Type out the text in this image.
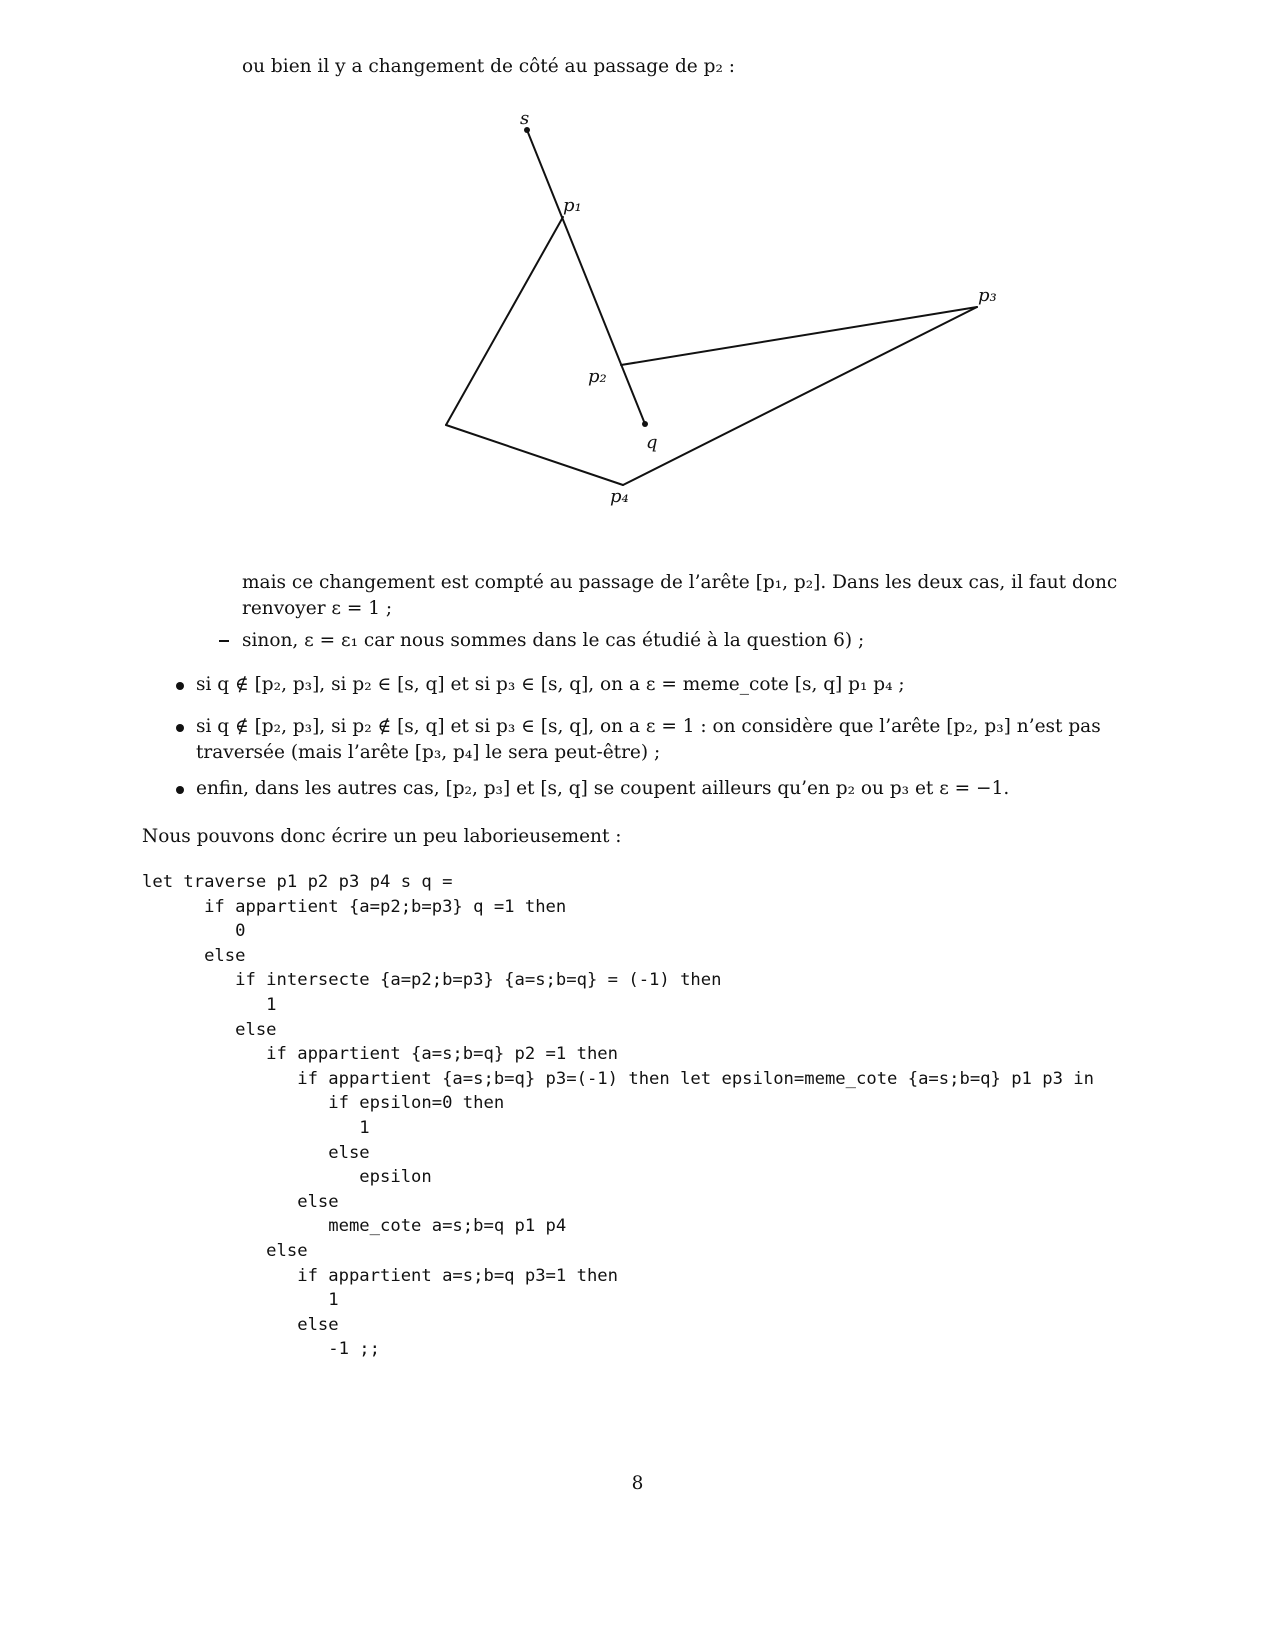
ou bien il y a changement de côté au passage de p₂ :
s
p₁
p₂
p₃
p₄
q
mais ce changement est compté au passage de l’arête [p₁, p₂]. Dans les deux cas, il faut donc
renvoyer ε = 1 ;
sinon, ε = ε₁ car nous sommes dans le cas étudié à la question 6) ;
si q ∉ [p₂, p₃], si p₂ ∈ [s, q] et si p₃ ∈ [s, q], on a ε = meme_cote [s, q] p₁ p₄ ;
si q ∉ [p₂, p₃], si p₂ ∉ [s, q] et si p₃ ∈ [s, q], on a ε = 1 : on considère que l’arête [p₂, p₃] n’est pas
traversée (mais l’arête [p₃, p₄] le sera peut-être) ;
enfin, dans les autres cas, [p₂, p₃] et [s, q] se coupent ailleurs qu’en p₂ ou p₃ et ε = −1.
Nous pouvons donc écrire un peu laborieusement :
let traverse p1 p2 p3 p4 s q =
if appartient {a=p2;b=p3} q =1 then
0
else
if intersecte {a=p2;b=p3} {a=s;b=q} = (-1) then
1
else
if appartient {a=s;b=q} p2 =1 then
if appartient {a=s;b=q} p3=(-1) then let epsilon=meme_cote {a=s;b=q} p1 p3 in
if epsilon=0 then
1
else
epsilon
else
meme_cote a=s;b=q p1 p4
else
if appartient a=s;b=q p3=1 then
1
else
-1 ;;
8
